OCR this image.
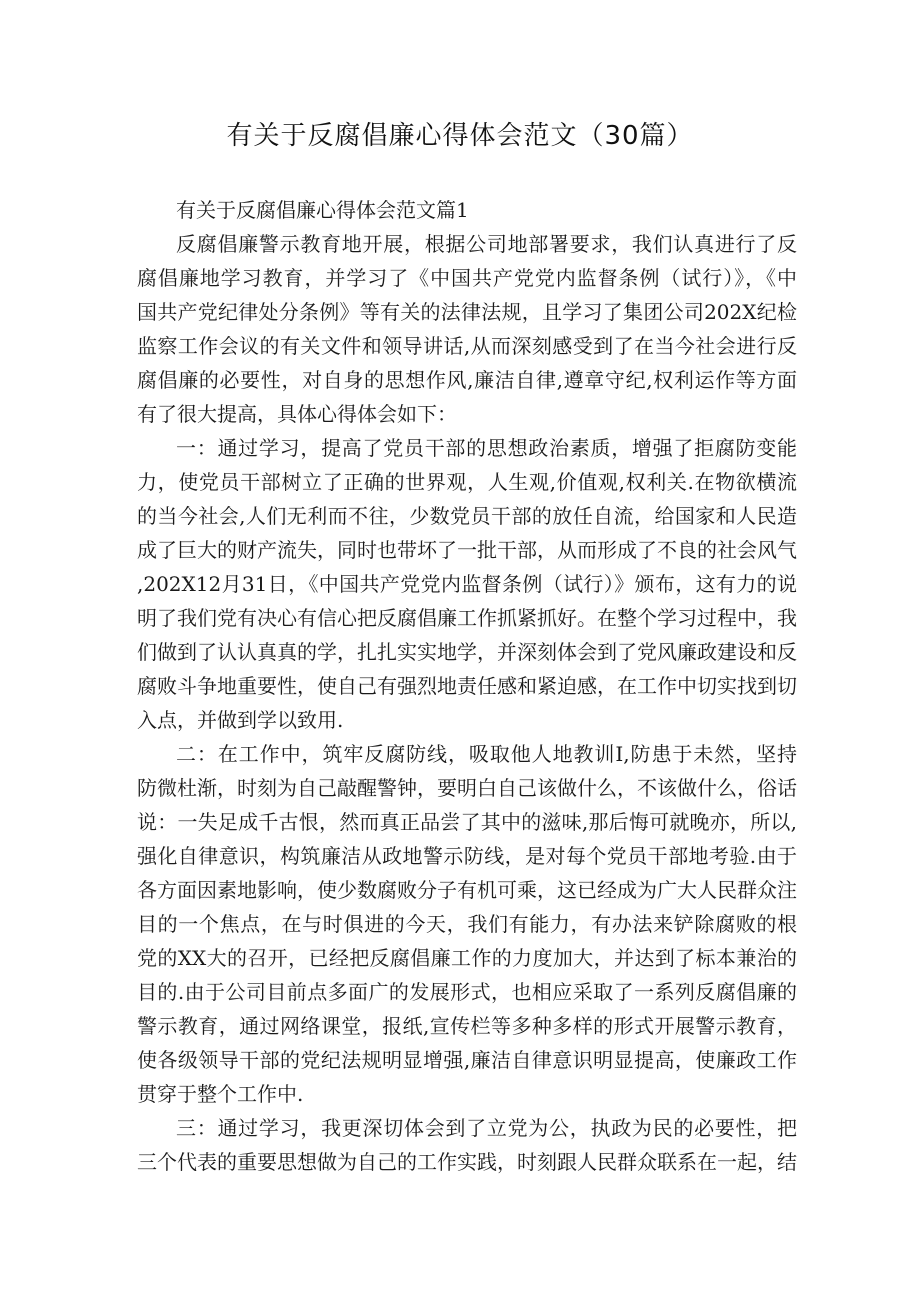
有关于反腐倡廉心得体会范文（30篇）

有关于反腐倡廉心得体会范文篇1

反腐倡廉警示教育地开展，根据公司地部署要求，我们认真进行了反

腐倡廉地学习教育，并学习了《中国共产党党内监督条例（试行）》，《中

国共产党纪律处分条例》等有关的法律法规，且学习了集团公司202X纪检

监察工作会议的有关文件和领导讲话,从而深刻感受到了在当今社会进行反

腐倡廉的必要性，对自身的思想作风,廉洁自律,遵章守纪,权利运作等方面

有了很大提高，具体心得体会如下：

一：通过学习，提高了党员干部的思想政治素质，增强了拒腐防变能

力，使党员干部树立了正确的世界观，人生观,价值观,权利关.在物欲横流

的当今社会,人们无利而不往，少数党员干部的放任自流，给国家和人民造

成了巨大的财产流失，同时也带坏了一批干部，从而形成了不良的社会风气

,202X12月31日，《中国共产党党内监督条例（试行）》颁布，这有力的说

明了我们党有决心有信心把反腐倡廉工作抓紧抓好。在整个学习过程中，我

们做到了认认真真的学，扎扎实实地学，并深刻体会到了党风廉政建设和反

腐败斗争地重要性，使自己有强烈地责任感和紧迫感，在工作中切实找到切

入点，并做到学以致用.

二：在工作中，筑牢反腐防线，吸取他人地教训I,防患于未然，坚持

防微杜渐，时刻为自己敲醒警钟，要明白自己该做什么，不该做什么，俗话

说：一失足成千古恨，然而真正品尝了其中的滋味,那后悔可就晚亦，所以,

强化自律意识，构筑廉洁从政地警示防线，是对每个党员干部地考验.由于

各方面因素地影响，使少数腐败分子有机可乘，这已经成为广大人民群众注

目的一个焦点，在与时俱进的今天，我们有能力，有办法来铲除腐败的根

党的XX大的召开，已经把反腐倡廉工作的力度加大，并达到了标本兼治的

目的.由于公司目前点多面广的发展形式，也相应采取了一系列反腐倡廉的

警示教育，通过网络课堂，报纸,宣传栏等多种多样的形式开展警示教育，

使各级领导干部的党纪法规明显增强,廉洁自律意识明显提高，使廉政工作

贯穿于整个工作中.

三：通过学习，我更深切体会到了立党为公，执政为民的必要性，把

三个代表的重要思想做为自己的工作实践，时刻跟人民群众联系在一起，结
